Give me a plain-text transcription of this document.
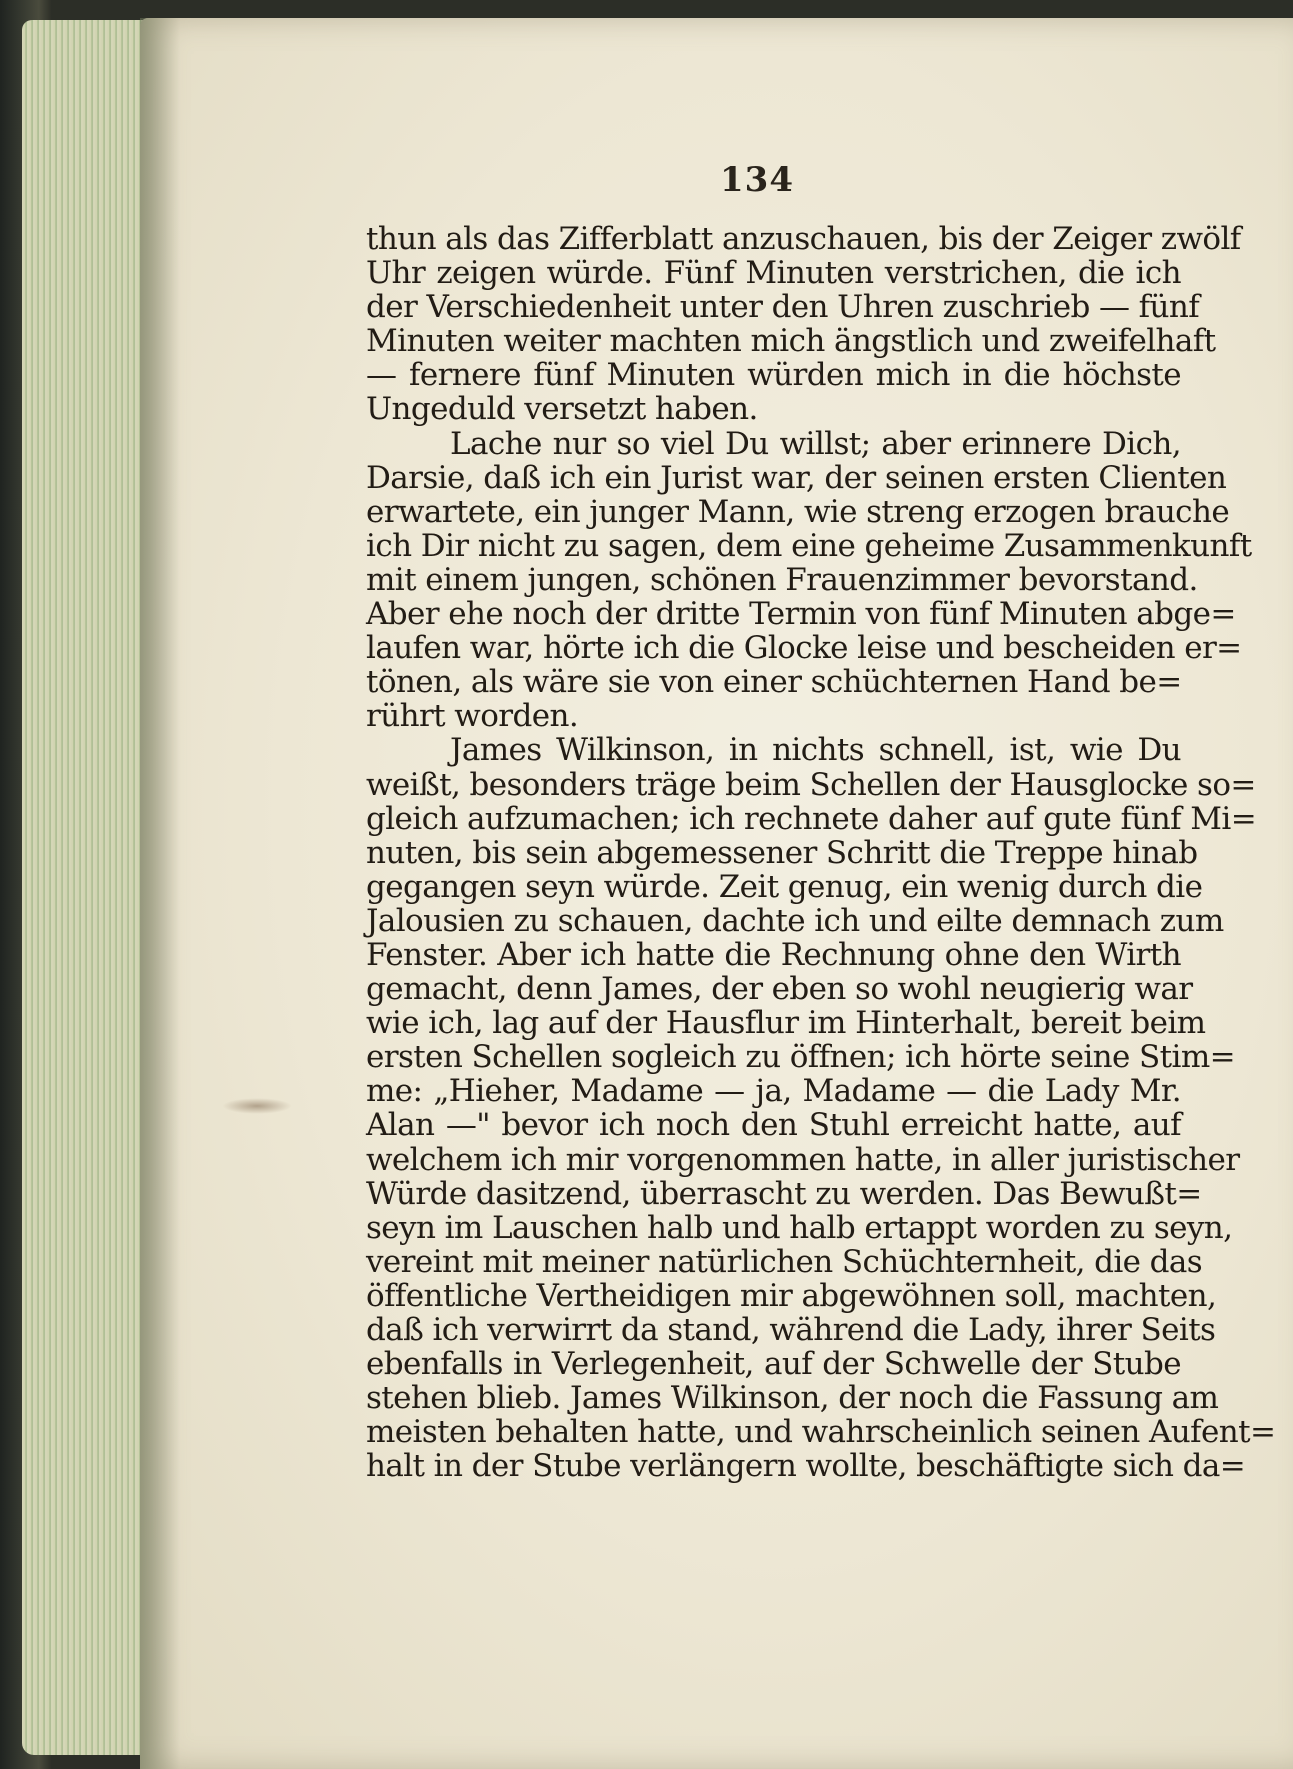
134
thun als das Zifferblatt anzuschauen, bis der Zeiger zwölf
Uhr zeigen würde. Fünf Minuten verstrichen, die ich
der Verschiedenheit unter den Uhren zuschrieb — fünf
Minuten weiter machten mich ängstlich und zweifelhaft
— fernere fünf Minuten würden mich in die höchste
Ungeduld versetzt haben.
Lache nur so viel Du willst; aber erinnere Dich,
Darsie, daß ich ein Jurist war, der seinen ersten Clienten
erwartete, ein junger Mann, wie streng erzogen brauche
ich Dir nicht zu sagen, dem eine geheime Zusammenkunft
mit einem jungen, schönen Frauenzimmer bevorstand.
Aber ehe noch der dritte Termin von fünf Minuten abge=
laufen war, hörte ich die Glocke leise und bescheiden er=
tönen, als wäre sie von einer schüchternen Hand be=
rührt worden.
James Wilkinson, in nichts schnell, ist, wie Du
weißt, besonders träge beim Schellen der Hausglocke so=
gleich aufzumachen; ich rechnete daher auf gute fünf Mi=
nuten, bis sein abgemessener Schritt die Treppe hinab
gegangen seyn würde. Zeit genug, ein wenig durch die
Jalousien zu schauen, dachte ich und eilte demnach zum
Fenster. Aber ich hatte die Rechnung ohne den Wirth
gemacht, denn James, der eben so wohl neugierig war
wie ich, lag auf der Hausflur im Hinterhalt, bereit beim
ersten Schellen sogleich zu öffnen; ich hörte seine Stim=
me: „Hieher, Madame — ja, Madame — die Lady Mr.
Alan —" bevor ich noch den Stuhl erreicht hatte, auf
welchem ich mir vorgenommen hatte, in aller juristischer
Würde dasitzend, überrascht zu werden. Das Bewußt=
seyn im Lauschen halb und halb ertappt worden zu seyn,
vereint mit meiner natürlichen Schüchternheit, die das
öffentliche Vertheidigen mir abgewöhnen soll, machten,
daß ich verwirrt da stand, während die Lady, ihrer Seits
ebenfalls in Verlegenheit, auf der Schwelle der Stube
stehen blieb. James Wilkinson, der noch die Fassung am
meisten behalten hatte, und wahrscheinlich seinen Aufent=
halt in der Stube verlängern wollte, beschäftigte sich da=
